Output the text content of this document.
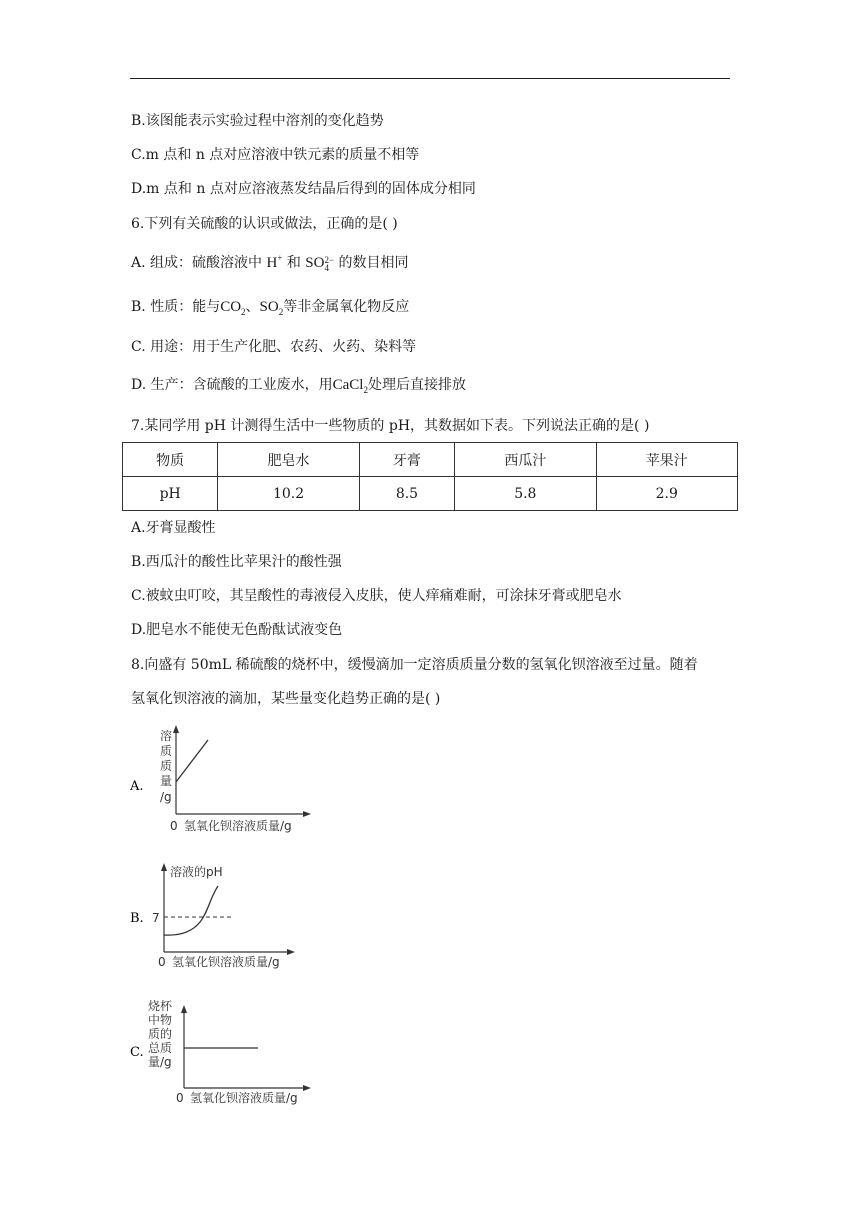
B.该图能表示实验过程中溶剂的变化趋势
C.m 点和 n 点对应溶液中铁元素的质量不相等
D.m 点和 n 点对应溶液蒸发结晶后得到的固体成分相同
6.下列有关硫酸的认识或做法，正确的是( )
A. 组成：硫酸溶液中 H+ 和 SO 2−
4 的数目相同
B. 性质：能与$CO_2$、$SO_2$等非金属氧化物反应
C. 用途：用于生产化肥、农药、火药、染料等
D. 生产：含硫酸的工业废水，用CaCl$_2$处理后直接排放
7.某同学用 pH 计测得生活中一些物质的 pH，其数据如下表。下列说法正确的是( )
物质	肥皂水	牙膏	西瓜汁	苹果汁
pH	10.2	8.5	5.8	2.9
A.牙膏显酸性
B.西瓜汁的酸性比苹果汁的酸性强
C.被蚊虫叮咬，其呈酸性的毒液侵入皮肤，使人痒痛难耐，可涂抹牙膏或肥皂水
D.肥皂水不能使无色酚酞试液变色
8.向盛有 50mL 稀硫酸的烧杯中，缓慢滴加一定溶质质量分数的氢氧化钡溶液至过量。随着
氢氧化钡溶液的滴加，某些量变化趋势正确的是( )
A.
溶
质
质
量
/g
0 氢氧化钡溶液质量/g
B.
溶液的pH
7
0 氢氧化钡溶液质量/g
C.
烧杯
中物
质的
总质
量/g
0 氢氧化钡溶液质量/g
